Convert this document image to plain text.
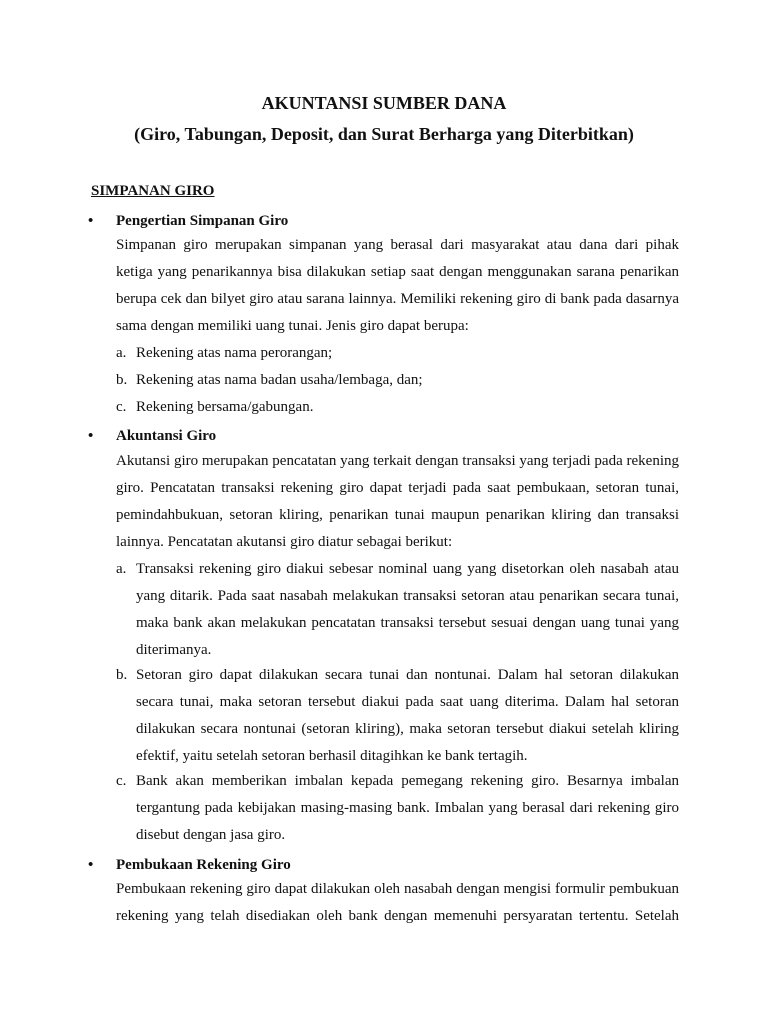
AKUNTANSI SUMBER DANA
(Giro, Tabungan, Deposit, dan Surat Berharga yang Diterbitkan)
SIMPANAN GIRO
• Pengertian Simpanan Giro
Simpanan giro merupakan simpanan yang berasal dari masyarakat atau dana dari pihak ketiga yang penarikannya bisa dilakukan setiap saat dengan menggunakan sarana penarikan berupa cek dan bilyet giro atau sarana lainnya. Memiliki rekening giro di bank pada dasarnya sama dengan memiliki uang tunai. Jenis giro dapat berupa:
a. Rekening atas nama perorangan;
b. Rekening atas nama badan usaha/lembaga, dan;
c. Rekening bersama/gabungan.
• Akuntansi Giro
Akutansi giro merupakan pencatatan yang terkait dengan transaksi yang terjadi pada rekening giro. Pencatatan transaksi rekening giro dapat terjadi pada saat pembukaan, setoran tunai, pemindahbukuan, setoran kliring, penarikan tunai maupun penarikan kliring dan transaksi lainnya. Pencatatan akutansi giro diatur sebagai berikut:
a. Transaksi rekening giro diakui sebesar nominal uang yang disetorkan oleh nasabah atau yang ditarik. Pada saat nasabah melakukan transaksi setoran atau penarikan secara tunai, maka bank akan melakukan pencatatan transaksi tersebut sesuai dengan uang tunai yang diterimanya.
b. Setoran giro dapat dilakukan secara tunai dan nontunai. Dalam hal setoran dilakukan secara tunai, maka setoran tersebut diakui pada saat uang diterima. Dalam hal setoran dilakukan secara nontunai (setoran kliring), maka setoran tersebut diakui setelah kliring efektif, yaitu setelah setoran berhasil ditagihkan ke bank tertagih.
c. Bank akan memberikan imbalan kepada pemegang rekening giro. Besarnya imbalan tergantung pada kebijakan masing-masing bank. Imbalan yang berasal dari rekening giro disebut dengan jasa giro.
• Pembukaan Rekening Giro
Pembukaan rekening giro dapat dilakukan oleh nasabah dengan mengisi formulir pembukuan rekening yang telah disediakan oleh bank dengan memenuhi persyaratan tertentu. Setelah
